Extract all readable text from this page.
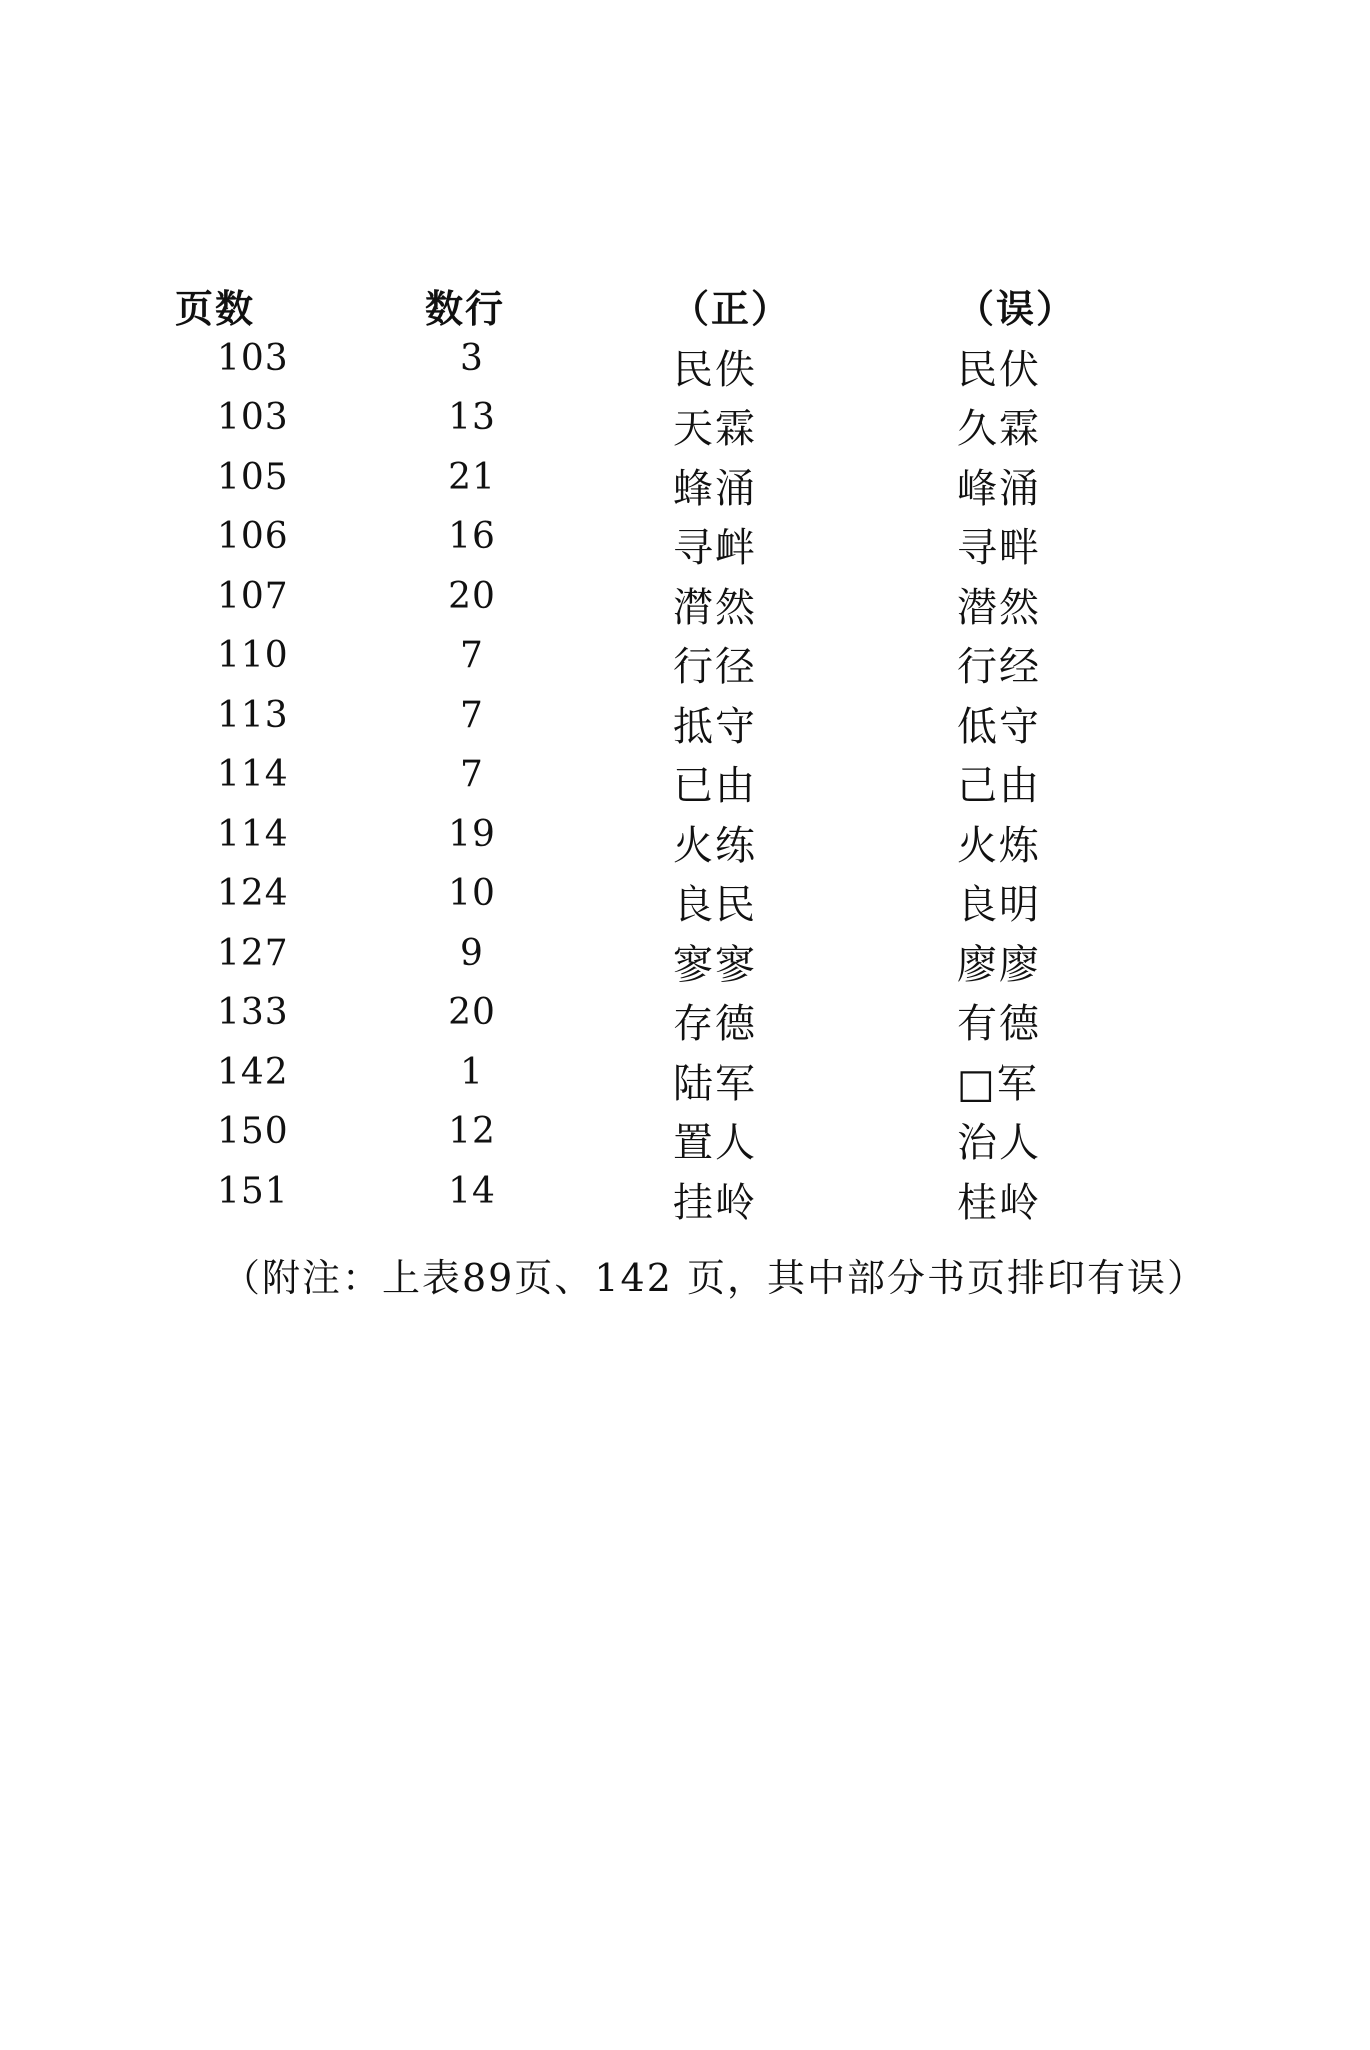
页数	数行	（正）	（误）
103	3	民佚	民伏
103	13	天霖	久霖
105	21	蜂涌	峰涌
106	16	寻衅	寻畔
107	20	潸然	潜然
110	7	行径	行经
113	7	抵守	低守
114	7	已由	己由
114	19	火练	火炼
124	10	良民	良明
127	9	寥寥	廖廖
133	20	存德	有德
142	1	陆军	□军
150	12	置人	治人
151	14	挂岭	桂岭
（附注：上表89页、142 页，其中部分书页排印有误）
